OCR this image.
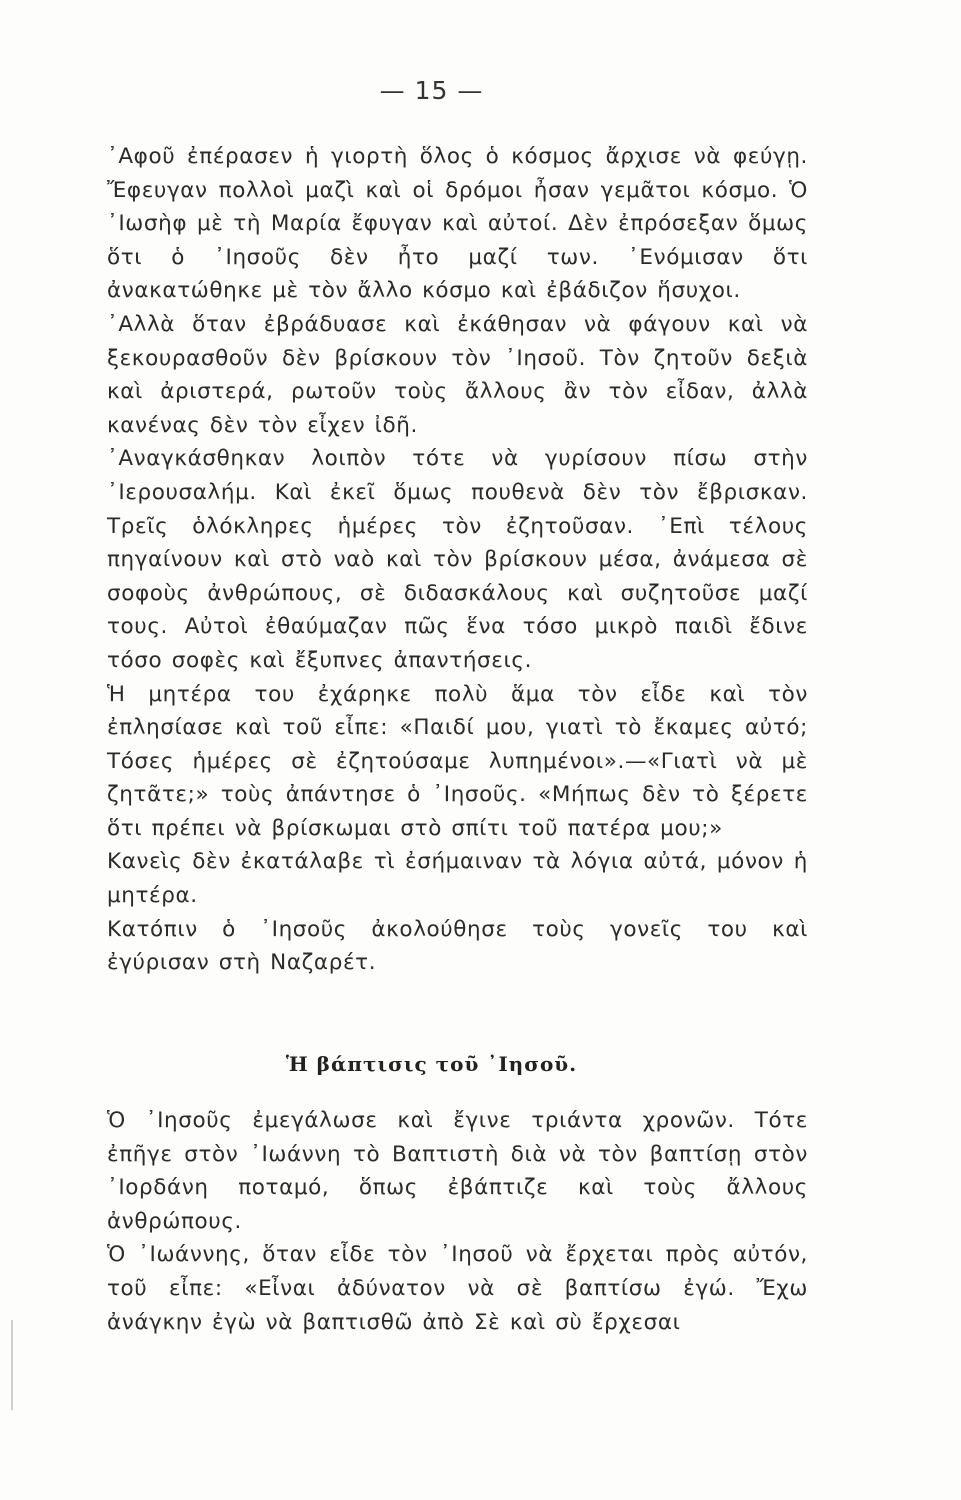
— 15 —

᾿Αφοῦ ἐπέρασεν ἡ γιορτὴ ὅλος ὁ κόσμος ἄρχισε νὰ φεύγῃ. Ἔφευγαν πολλοὶ μαζὶ καὶ οἱ δρόμοι ἦσαν γεμᾶτοι κόσμο. Ὁ ᾿Ιωσὴφ μὲ τὴ Μαρία ἔφυγαν καὶ αὐτοί. Δὲν ἐπρόσεξαν ὅμως ὅτι ὁ ᾿Ιησοῦς δὲν ἦτο μαζί των. ᾿Ενόμισαν ὅτι ἀνακατώθηκε μὲ τὸν ἄλλο κόσμο καὶ ἐβάδιζον ἥσυχοι.

᾿Αλλὰ ὅταν ἐβράδυασε καὶ ἐκάθησαν νὰ φάγουν καὶ νὰ ξεκουρασθοῦν δὲν βρίσκουν τὸν ᾿Ιησοῦ. Τὸν ζητοῦν δεξιὰ καὶ ἀριστερά, ρωτοῦν τοὺς ἄλλους ἂν τὸν εἶδαν, ἀλλὰ κανένας δὲν τὸν εἶχεν ἰδῆ.

᾿Αναγκάσθηκαν λοιπὸν τότε νὰ γυρίσουν πίσω στὴν ᾿Ιερουσαλήμ. Καὶ ἐκεῖ ὅμως πουθενὰ δὲν τὸν ἔβρισκαν. Τρεῖς ὁλόκληρες ἡμέρες τὸν ἐζητοῦσαν. ᾿Επὶ τέλους πηγαίνουν καὶ στὸ ναὸ καὶ τὸν βρίσκουν μέσα, ἀνάμεσα σὲ σοφοὺς ἀνθρώπους, σὲ διδασκάλους καὶ συζητοῦσε μαζί τους. Αὐτοὶ ἐθαύμαζαν πῶς ἕνα τόσο μικρὸ παιδὶ ἔδινε τόσο σοφὲς καὶ ἔξυπνες ἀπαντήσεις.

Ἡ μητέρα του ἐχάρηκε πολὺ ἅμα τὸν εἶδε καὶ τὸν ἐπλησίασε καὶ τοῦ εἶπε: «Παιδί μου, γιατὶ τὸ ἔκαμες αὐτό; Τόσες ἡμέρες σὲ ἐζητούσαμε λυπημένοι».—«Γιατὶ νὰ μὲ ζητᾶτε;» τοὺς ἀπάντησε ὁ ᾿Ιησοῦς. «Μήπως δὲν τὸ ξέρετε ὅτι πρέπει νὰ βρίσκωμαι στὸ σπίτι τοῦ πατέρα μου;»

Κανεὶς δὲν ἐκατάλαβε τὶ ἐσήμαιναν τὰ λόγια αὐτά, μόνον ἡ μητέρα.

Κατόπιν ὁ ᾿Ιησοῦς ἀκολούθησε τοὺς γονεῖς του καὶ ἐγύρισαν στὴ Ναζαρέτ.

Ἡ βάπτισις τοῦ ᾿Ιησοῦ.

Ὁ ᾿Ιησοῦς ἐμεγάλωσε καὶ ἔγινε τριάντα χρονῶν. Τότε ἐπῆγε στὸν ᾿Ιωάννη τὸ Βαπτιστὴ διὰ νὰ τὸν βαπτίσῃ στὸν ᾿Ιορδάνη ποταμό, ὅπως ἐβάπτιζε καὶ τοὺς ἄλλους ἀνθρώπους.

Ὁ ᾿Ιωάννης, ὅταν εἶδε τὸν ᾿Ιησοῦ νὰ ἔρχεται πρὸς αὐτόν, τοῦ εἶπε: «Εἶναι ἀδύνατον νὰ σὲ βαπτίσω ἐγώ. Ἔχω ἀνάγκην ἐγὼ νὰ βαπτισθῶ ἀπὸ Σὲ καὶ σὺ ἔρχεσαι
